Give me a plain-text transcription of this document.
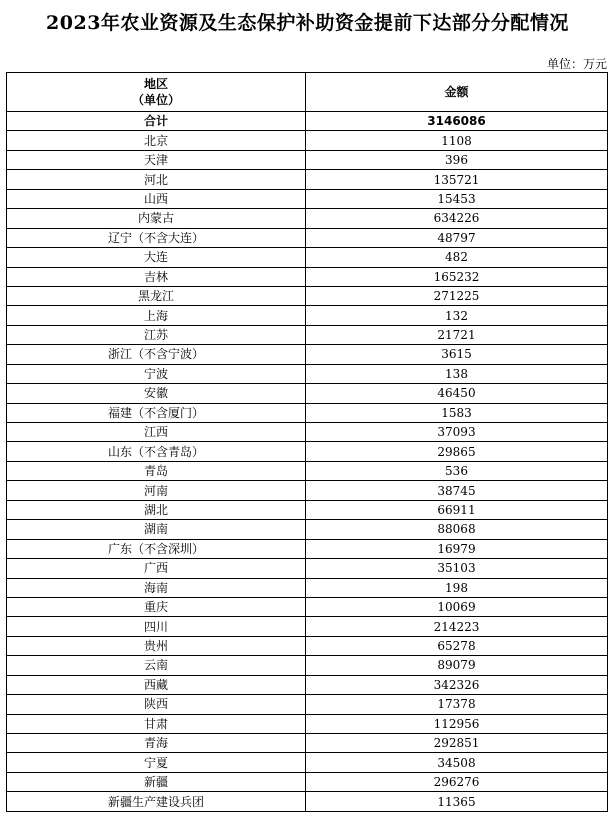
2023年农业资源及生态保护补助资金提前下达部分分配情况
单位：万元
地区
（单位）	金额
合计	3146086
北京	1108
天津	396
河北	135721
山西	15453
内蒙古	634226
辽宁（不含大连）	48797
大连	482
吉林	165232
黑龙江	271225
上海	132
江苏	21721
浙江（不含宁波）	3615
宁波	138
安徽	46450
福建（不含厦门）	1583
江西	37093
山东（不含青岛）	29865
青岛	536
河南	38745
湖北	66911
湖南	88068
广东（不含深圳）	16979
广西	35103
海南	198
重庆	10069
四川	214223
贵州	65278
云南	89079
西藏	342326
陕西	17378
甘肃	112956
青海	292851
宁夏	34508
新疆	296276
新疆生产建设兵团	11365
